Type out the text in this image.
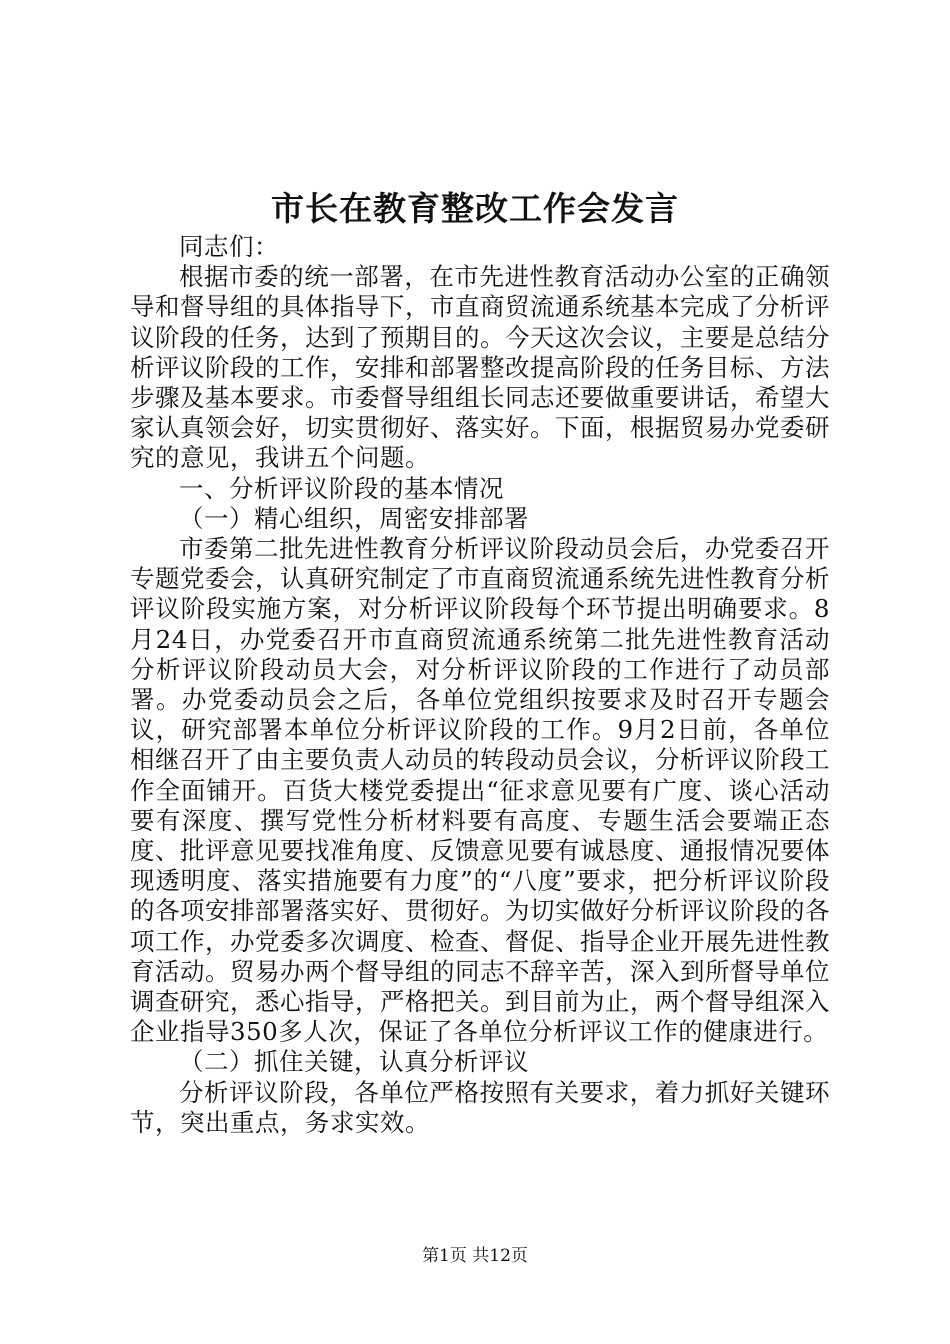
市长在教育整改工作会发言

同志们：

根据市委的统一部署，在市先进性教育活动办公室的正确领导和督导组的具体指导下，市直商贸流通系统基本完成了分析评议阶段的任务，达到了预期目的。今天这次会议，主要是总结分析评议阶段的工作，安排和部署整改提高阶段的任务目标、方法步骤及基本要求。市委督导组组长同志还要做重要讲话，希望大家认真领会好，切实贯彻好、落实好。下面，根据贸易办党委研究的意见，我讲五个问题。

一、分析评议阶段的基本情况

（一）精心组织，周密安排部署

市委第二批先进性教育分析评议阶段动员会后，办党委召开专题党委会，认真研究制定了市直商贸流通系统先进性教育分析评议阶段实施方案，对分析评议阶段每个环节提出明确要求。8月24日，办党委召开市直商贸流通系统第二批先进性教育活动分析评议阶段动员大会，对分析评议阶段的工作进行了动员部署。办党委动员会之后，各单位党组织按要求及时召开专题会议，研究部署本单位分析评议阶段的工作。9月2日前，各单位相继召开了由主要负责人动员的转段动员会议，分析评议阶段工作全面铺开。百货大楼党委提出“征求意见要有广度、谈心活动要有深度、撰写党性分析材料要有高度、专题生活会要端正态度、批评意见要找准角度、反馈意见要有诚恳度、通报情况要体现透明度、落实措施要有力度”的“八度”要求，把分析评议阶段的各项安排部署落实好、贯彻好。为切实做好分析评议阶段的各项工作，办党委多次调度、检查、督促、指导企业开展先进性教育活动。贸易办两个督导组的同志不辞辛苦，深入到所督导单位调查研究，悉心指导，严格把关。到目前为止，两个督导组深入企业指导350多人次，保证了各单位分析评议工作的健康进行。

（二）抓住关键，认真分析评议

分析评议阶段，各单位严格按照有关要求，着力抓好关键环节，突出重点，务求实效。

第1页 共12页
